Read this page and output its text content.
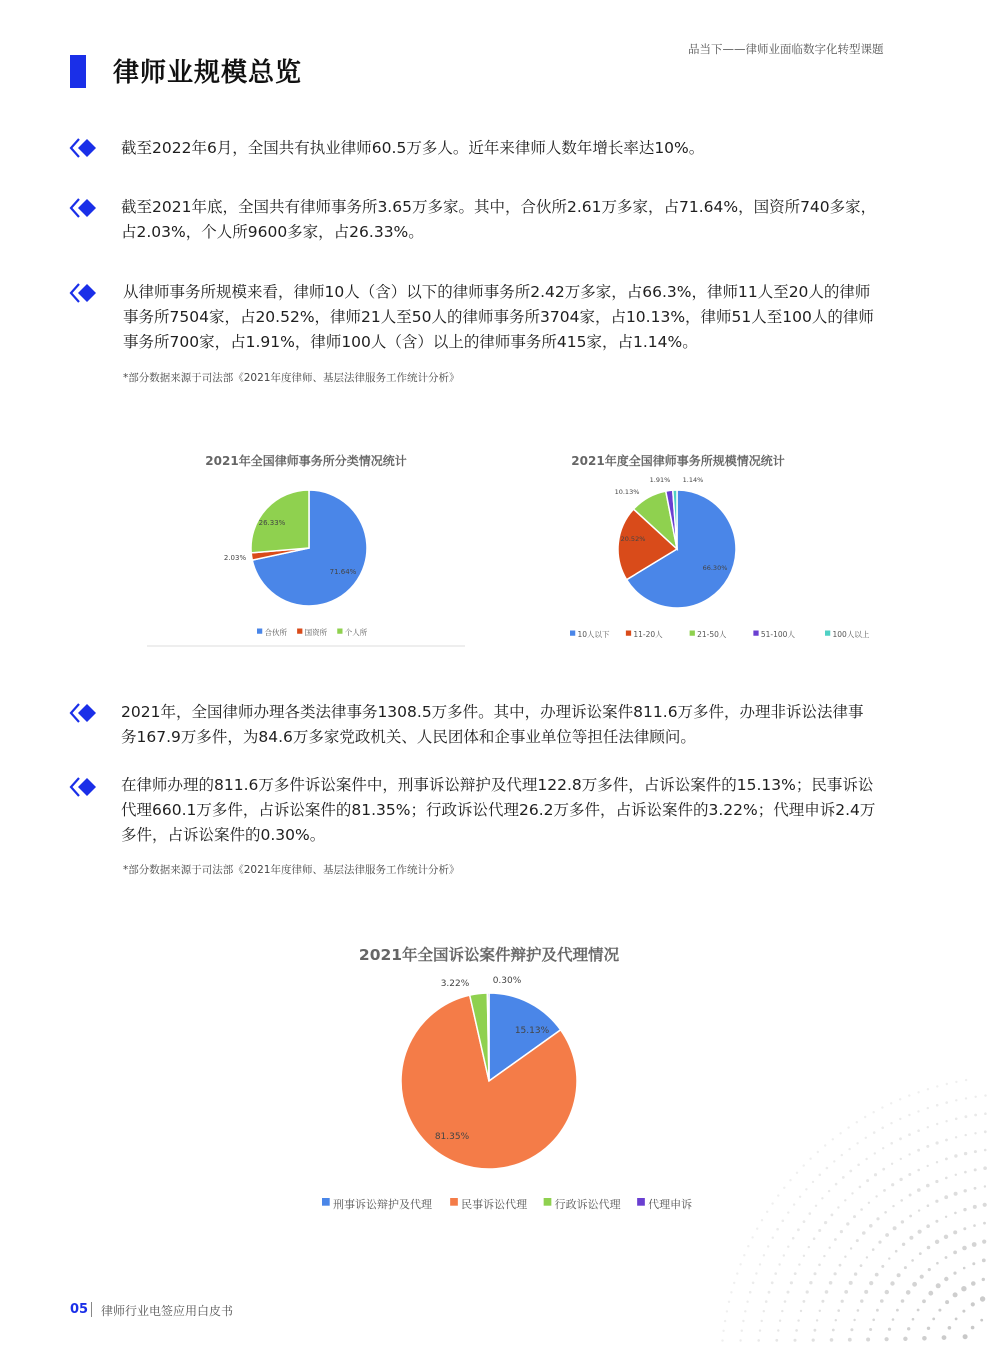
律师业规模总览
品当下——律师业面临数字化转型课题
截至2022年6月，全国共有执业律师60.5万多人。近年来律师人数年增长率达10%。
截至2021年底，全国共有律师事务所3.65万多家。其中，合伙所2.61万多家，占71.64%，国资所740多家，占2.03%，个人所9600多家，占26.33%。
从律师事务所规模来看，律师10人（含）以下的律师事务所2.42万多家，占66.3%，律师11人至20人的律师事务所7504家，占20.52%，律师21人至50人的律师事务所3704家，占10.13%，律师51人至100人的律师事务所700家，占1.91%，律师100人（含）以上的律师事务所415家，占1.14%。
*部分数据来源于司法部《2021年度律师、基层法律服务工作统计分析》
2021年全国律师事务所分类情况统计
71.64%
2.03%
26.33%
合伙所 国资所 个人所
2021年度全国律师事务所规模情况统计
66.30%
20.52%
10.13%
1.91% 1.14%
10人以下	11-20人	21-50人	51-100人	100人以上
2021年，全国律师办理各类法律事务1308.5万多件。其中，办理诉讼案件811.6万多件，办理非诉讼法律事务167.9万多件，为84.6万多家党政机关、人民团体和企事业单位等担任法律顾问。
在律师办理的811.6万多件诉讼案件中，刑事诉讼辩护及代理122.8万多件，占诉讼案件的15.13%；民事诉讼代理660.1万多件，占诉讼案件的81.35%；行政诉讼代理26.2万多件，占诉讼案件的3.22%；代理申诉2.4万多件，占诉讼案件的0.30%。
*部分数据来源于司法部《2021年度律师、基层法律服务工作统计分析》
2021年全国诉讼案件辩护及代理情况
15.13%
81.35%
3.22%	0.30%
刑事诉讼辩护及代理	民事诉讼代理	行政诉讼代理	代理申诉
05 律师行业电签应用白皮书
